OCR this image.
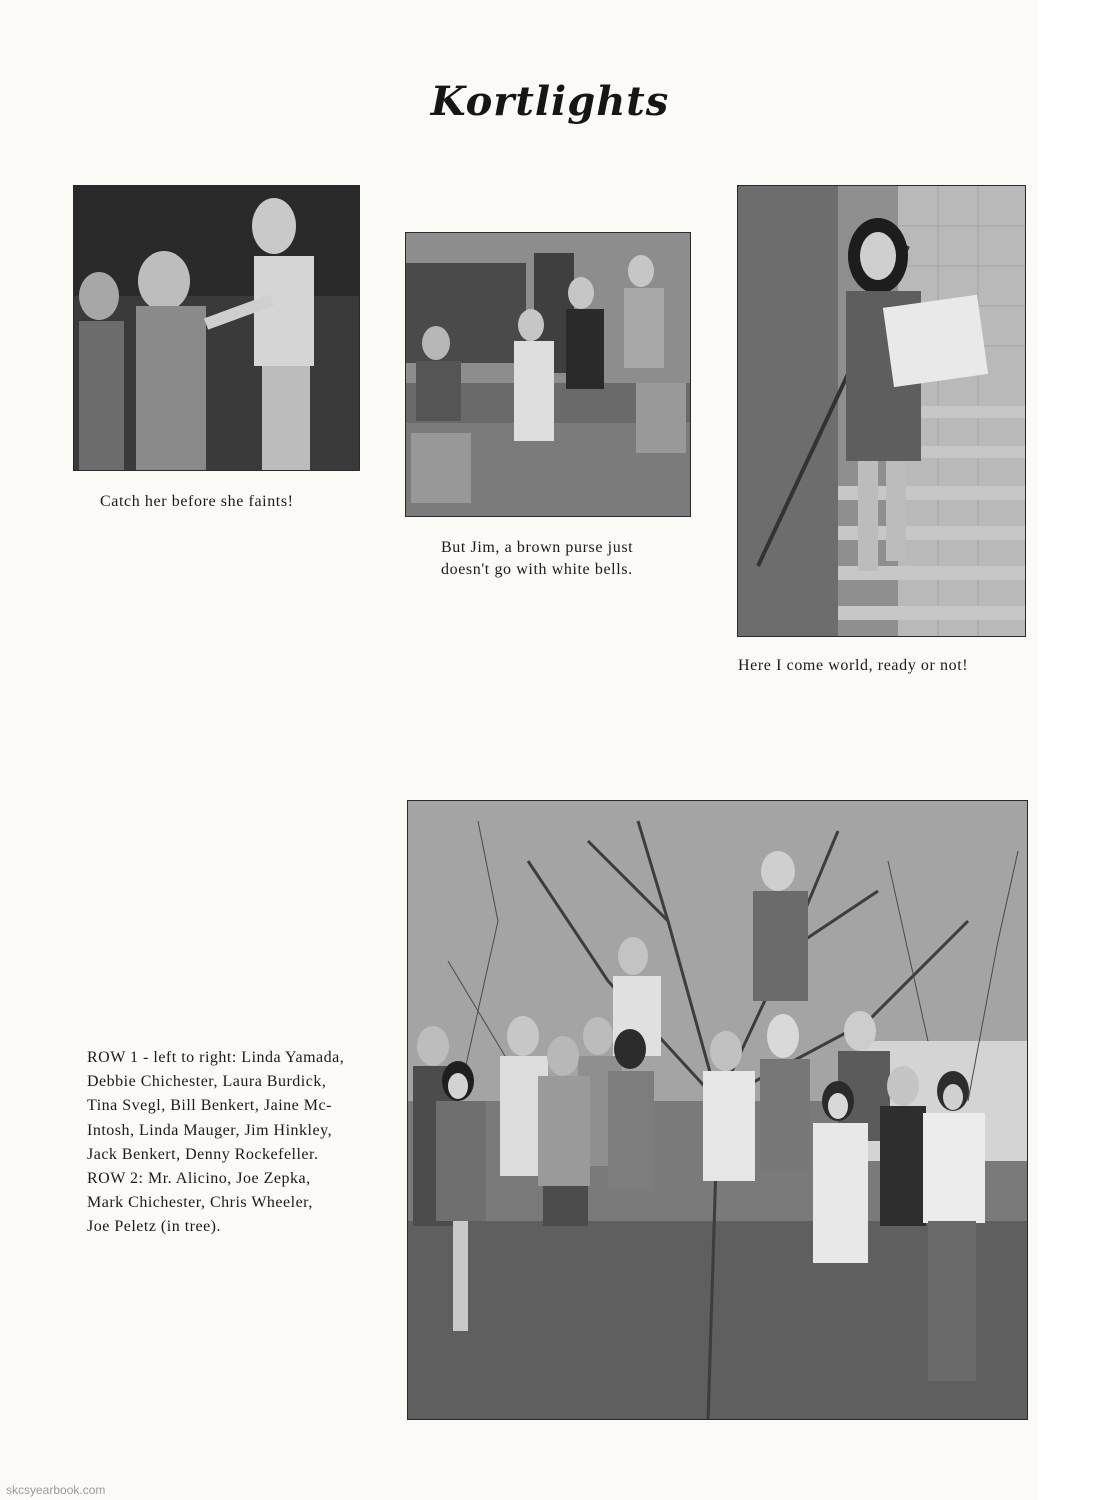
Kortlights
Catch her before she faints!
But Jim, a brown purse just
doesn't go with white bells.
Here I come world, ready or not!
ROW 1 - left to right: Linda Yamada,
Debbie Chichester, Laura Burdick,
Tina Svegl, Bill Benkert, Jaine Mc-
Intosh, Linda Mauger, Jim Hinkley,
Jack Benkert, Denny Rockefeller.
ROW 2: Mr. Alicino, Joe Zepka,
Mark Chichester, Chris Wheeler,
Joe Peletz (in tree).
skcsyearbook.com
